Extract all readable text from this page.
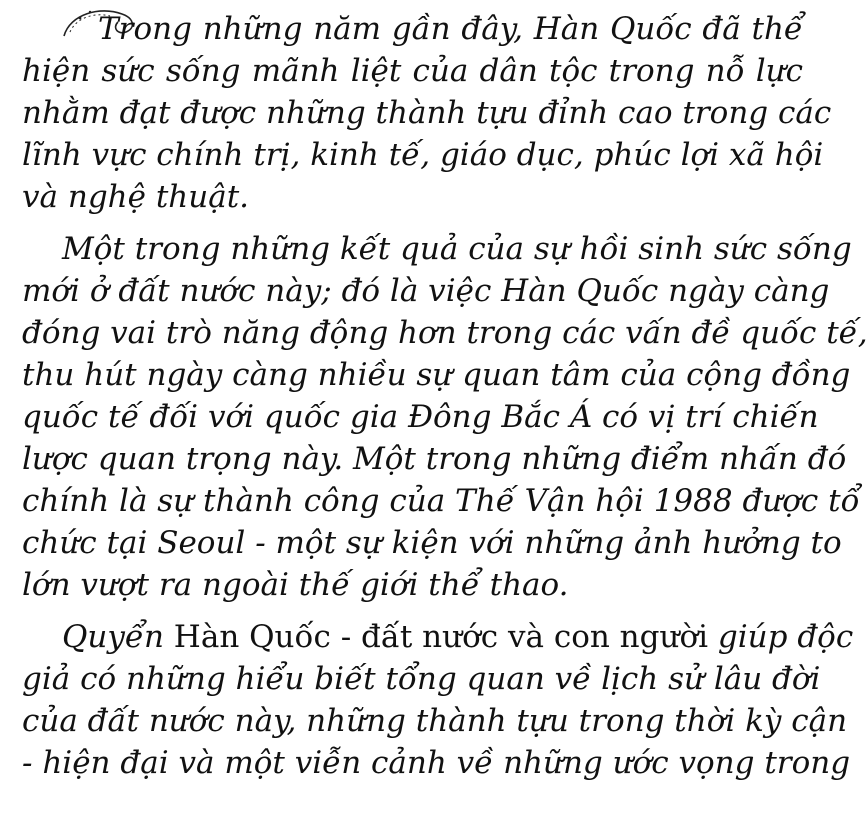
Trong những năm gần đây, Hàn Quốc đã thể
hiện sức sống mãnh liệt của dân tộc trong nỗ lực
nhằm đạt được những thành tựu đỉnh cao trong các
lĩnh vực chính trị, kinh tế, giáo dục, phúc lợi xã hội
và nghệ thuật.
Một trong những kết quả của sự hồi sinh sức sống
mới ở đất nước này; đó là việc Hàn Quốc ngày càng
đóng vai trò năng động hơn trong các vấn đề quốc tế,
thu hút ngày càng nhiều sự quan tâm của cộng đồng
quốc tế đối với quốc gia Đông Bắc Á có vị trí chiến
lược quan trọng này. Một trong những điểm nhấn đó
chính là sự thành công của Thế Vận hội 1988 được tổ
chức tại Seoul - một sự kiện với những ảnh hưởng to
lớn vượt ra ngoài thế giới thể thao.
Quyển Hàn Quốc - đất nước và con người giúp độc
giả có những hiểu biết tổng quan về lịch sử lâu đời
của đất nước này, những thành tựu trong thời kỳ cận
- hiện đại và một viễn cảnh về những ước vọng trong
